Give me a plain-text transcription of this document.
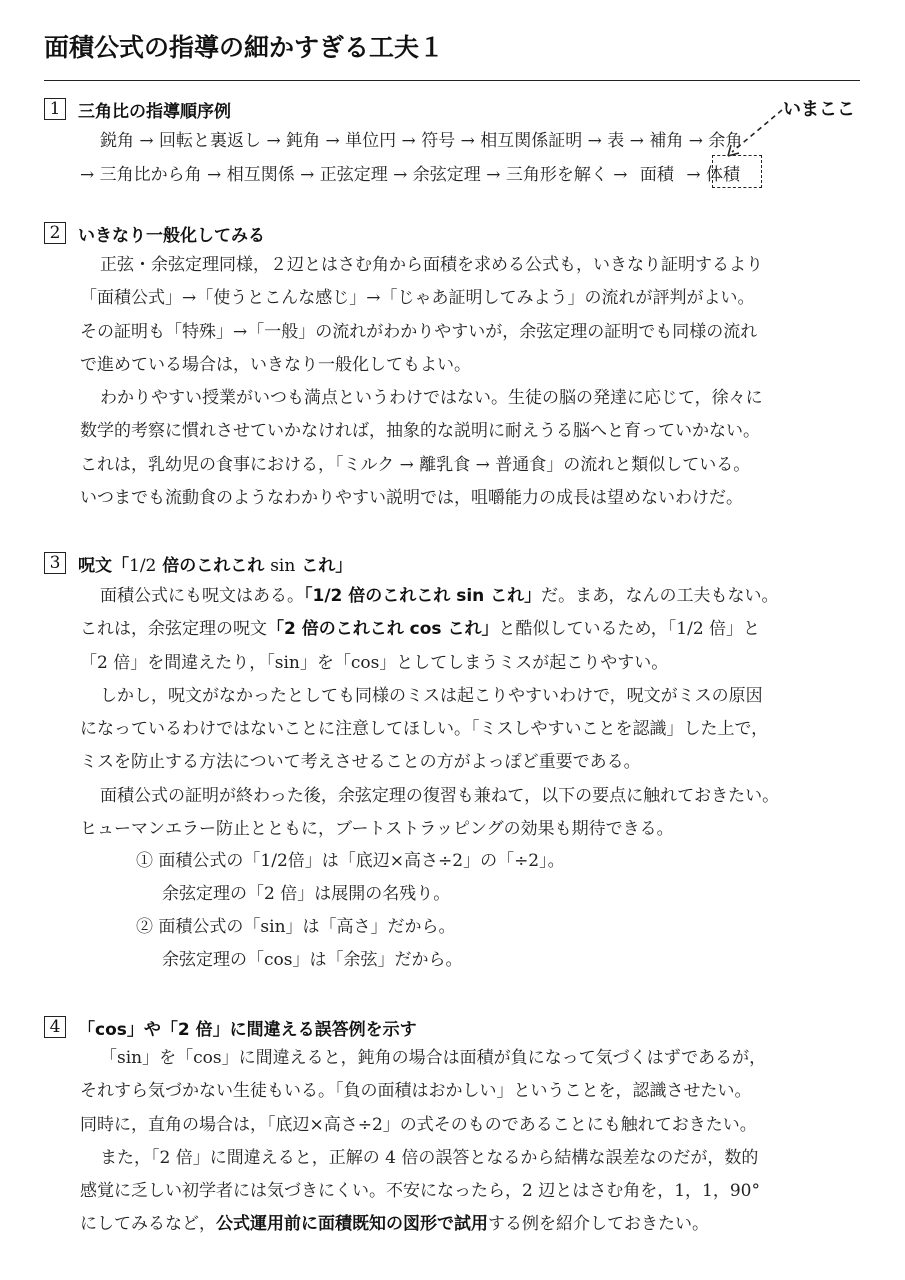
面積公式の指導の細かすぎる工夫１
1	三角比の指導順序例	いまここ
鋭角 → 回転と裏返し → 鈍角 → 単位円 → 符号 → 相互関係証明 → 表 → 補角 → 余角
→ 三角比から角 → 相互関係 → 正弦定理 → 余弦定理 → 三角形を解く → 面積 → 体積
2	いきなり一般化してみる
正弦・余弦定理同様，２辺とはさむ角から面積を求める公式も，いきなり証明するより
「面積公式」→「使うとこんな感じ」→「じゃあ証明してみよう」の流れが評判がよい。
その証明も「特殊」→「一般」の流れがわかりやすいが，余弦定理の証明でも同様の流れ
で進めている場合は，いきなり一般化してもよい。
わかりやすい授業がいつも満点というわけではない。生徒の脳の発達に応じて，徐々に
数学的考察に慣れさせていかなければ，抽象的な説明に耐えうる脳へと育っていかない。
これは，乳幼児の食事における，「ミルク → 離乳食 → 普通食」の流れと類似している。
いつまでも流動食のようなわかりやすい説明では，咀嚼能力の成長は望めないわけだ。
3	呪文「1/2 倍のこれこれ sin これ」
面積公式にも呪文はある。「1/2 倍のこれこれ sin これ」だ。まあ，なんの工夫もない。
これは，余弦定理の呪文「2 倍のこれこれ cos これ」と酷似しているため，「1/2 倍」と
「2 倍」を間違えたり，「sin」を「cos」としてしまうミスが起こりやすい。
しかし，呪文がなかったとしても同様のミスは起こりやすいわけで，呪文がミスの原因
になっているわけではないことに注意してほしい。「ミスしやすいことを認識」した上で，
ミスを防止する方法について考えさせることの方がよっぽど重要である。
面積公式の証明が終わった後，余弦定理の復習も兼ねて，以下の要点に触れておきたい。
ヒューマンエラー防止とともに，ブートストラッピングの効果も期待できる。
① 面積公式の「1/2倍」は「底辺×高さ÷2」の「÷2」。
余弦定理の「2 倍」は展開の名残り。
② 面積公式の「sin」は「高さ」だから。
余弦定理の「cos」は「余弦」だから。
4	「cos」や「2 倍」に間違える誤答例を示す
「sin」を「cos」に間違えると，鈍角の場合は面積が負になって気づくはずであるが，
それすら気づかない生徒もいる。「負の面積はおかしい」ということを，認識させたい。
同時に，直角の場合は，「底辺×高さ÷2」の式そのものであることにも触れておきたい。
また，「2 倍」に間違えると，正解の 4 倍の誤答となるから結構な誤差なのだが，数的
感覚に乏しい初学者には気づきにくい。不安になったら，2 辺とはさむ角を，1，1，90°
にしてみるなど，公式運用前に面積既知の図形で試用する例を紹介しておきたい。
